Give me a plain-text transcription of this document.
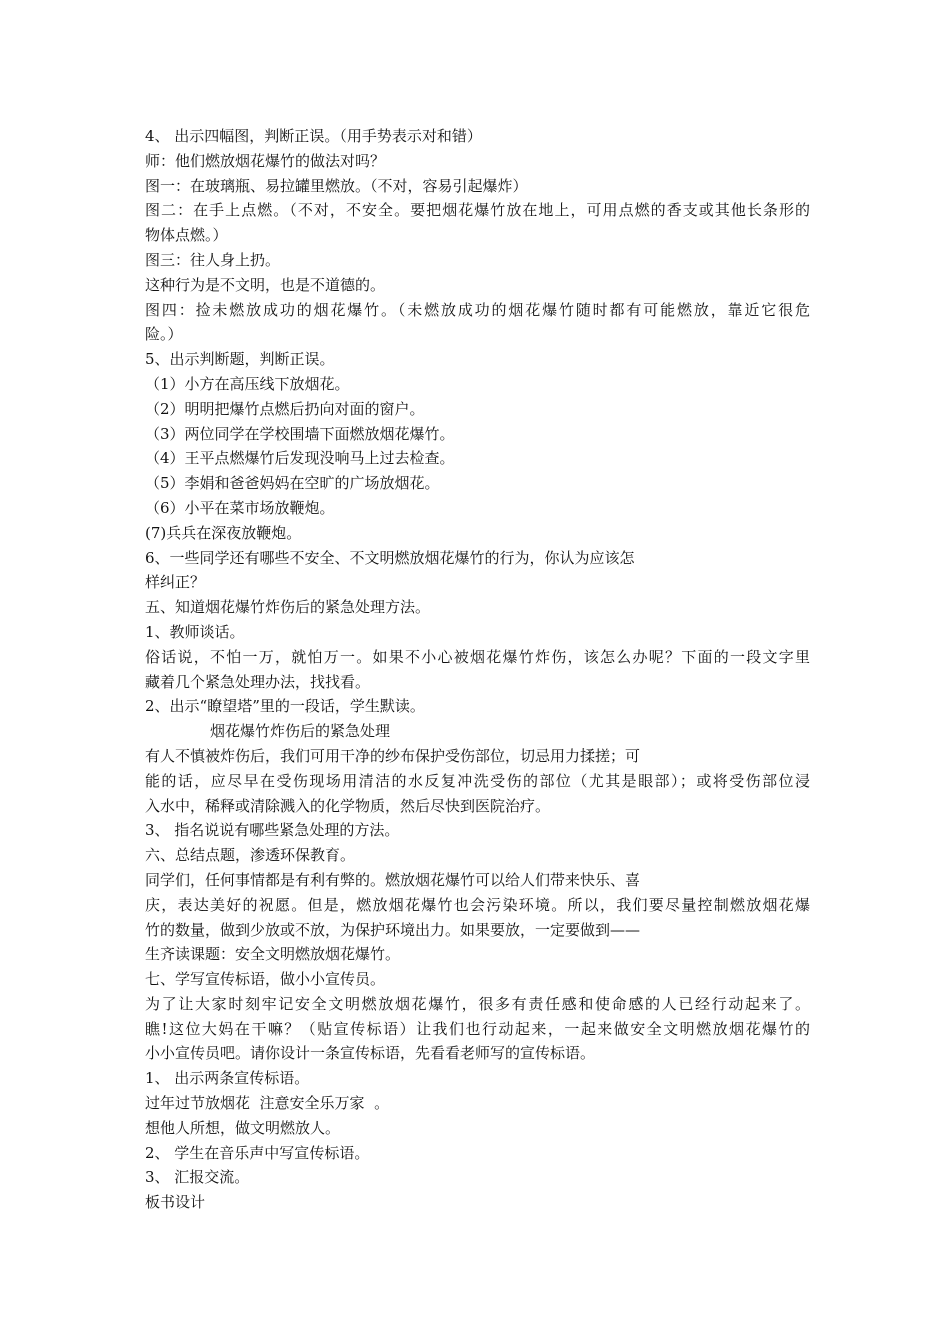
4、 出示四幅图，判断正误。（用手势表示对和错）
师：他们燃放烟花爆竹的做法对吗？
图一：在玻璃瓶、易拉罐里燃放。（不对，容易引起爆炸）
图二：在手上点燃。（不对，不安全。要把烟花爆竹放在地上，可用点燃的香支或其他长条形的
物体点燃。）
图三：往人身上扔。
这种行为是不文明，也是不道德的。
图四：捡未燃放成功的烟花爆竹。（未燃放成功的烟花爆竹随时都有可能燃放，靠近它很危
险。）
5、出示判断题，判断正误。
（1）小方在高压线下放烟花。
（2）明明把爆竹点燃后扔向对面的窗户。
（3）两位同学在学校围墙下面燃放烟花爆竹。
（4）王平点燃爆竹后发现没响马上过去检查。
（5）李娟和爸爸妈妈在空旷的广场放烟花。
（6）小平在菜市场放鞭炮。
(7)兵兵在深夜放鞭炮。
6、一些同学还有哪些不安全、不文明燃放烟花爆竹的行为，你认为应该怎
样纠正？
五、知道烟花爆竹炸伤后的紧急处理方法。
1、教师谈话。
俗话说，不怕一万，就怕万一。如果不小心被烟花爆竹炸伤，该怎么办呢？下面的一段文字里
藏着几个紧急处理办法，找找看。
2、出示“瞭望塔”里的一段话，学生默读。
烟花爆竹炸伤后的紧急处理
有人不慎被炸伤后，我们可用干净的纱布保护受伤部位，切忌用力揉搓；可
能的话，应尽早在受伤现场用清洁的水反复冲洗受伤的部位（尤其是眼部）；或将受伤部位浸
入水中，稀释或清除溅入的化学物质，然后尽快到医院治疗。
3、 指名说说有哪些紧急处理的方法。
六、总结点题，渗透环保教育。
同学们，任何事情都是有利有弊的。燃放烟花爆竹可以给人们带来快乐、喜
庆，表达美好的祝愿。但是，燃放烟花爆竹也会污染环境。所以，我们要尽量控制燃放烟花爆
竹的数量，做到少放或不放，为保护环境出力。如果要放，一定要做到——
生齐读课题：安全文明燃放烟花爆竹。
七、学写宣传标语，做小小宣传员。
为了让大家时刻牢记安全文明燃放烟花爆竹，很多有责任感和使命感的人已经行动起来了。
瞧!这位大妈在干嘛？（贴宣传标语）让我们也行动起来，一起来做安全文明燃放烟花爆竹的
小小宣传员吧。请你设计一条宣传标语，先看看老师写的宣传标语。
1、 出示两条宣传标语。
过年过节放烟花  注意安全乐万家  。
想他人所想，做文明燃放人。
2、 学生在音乐声中写宣传标语。
3、 汇报交流。
板书设计
